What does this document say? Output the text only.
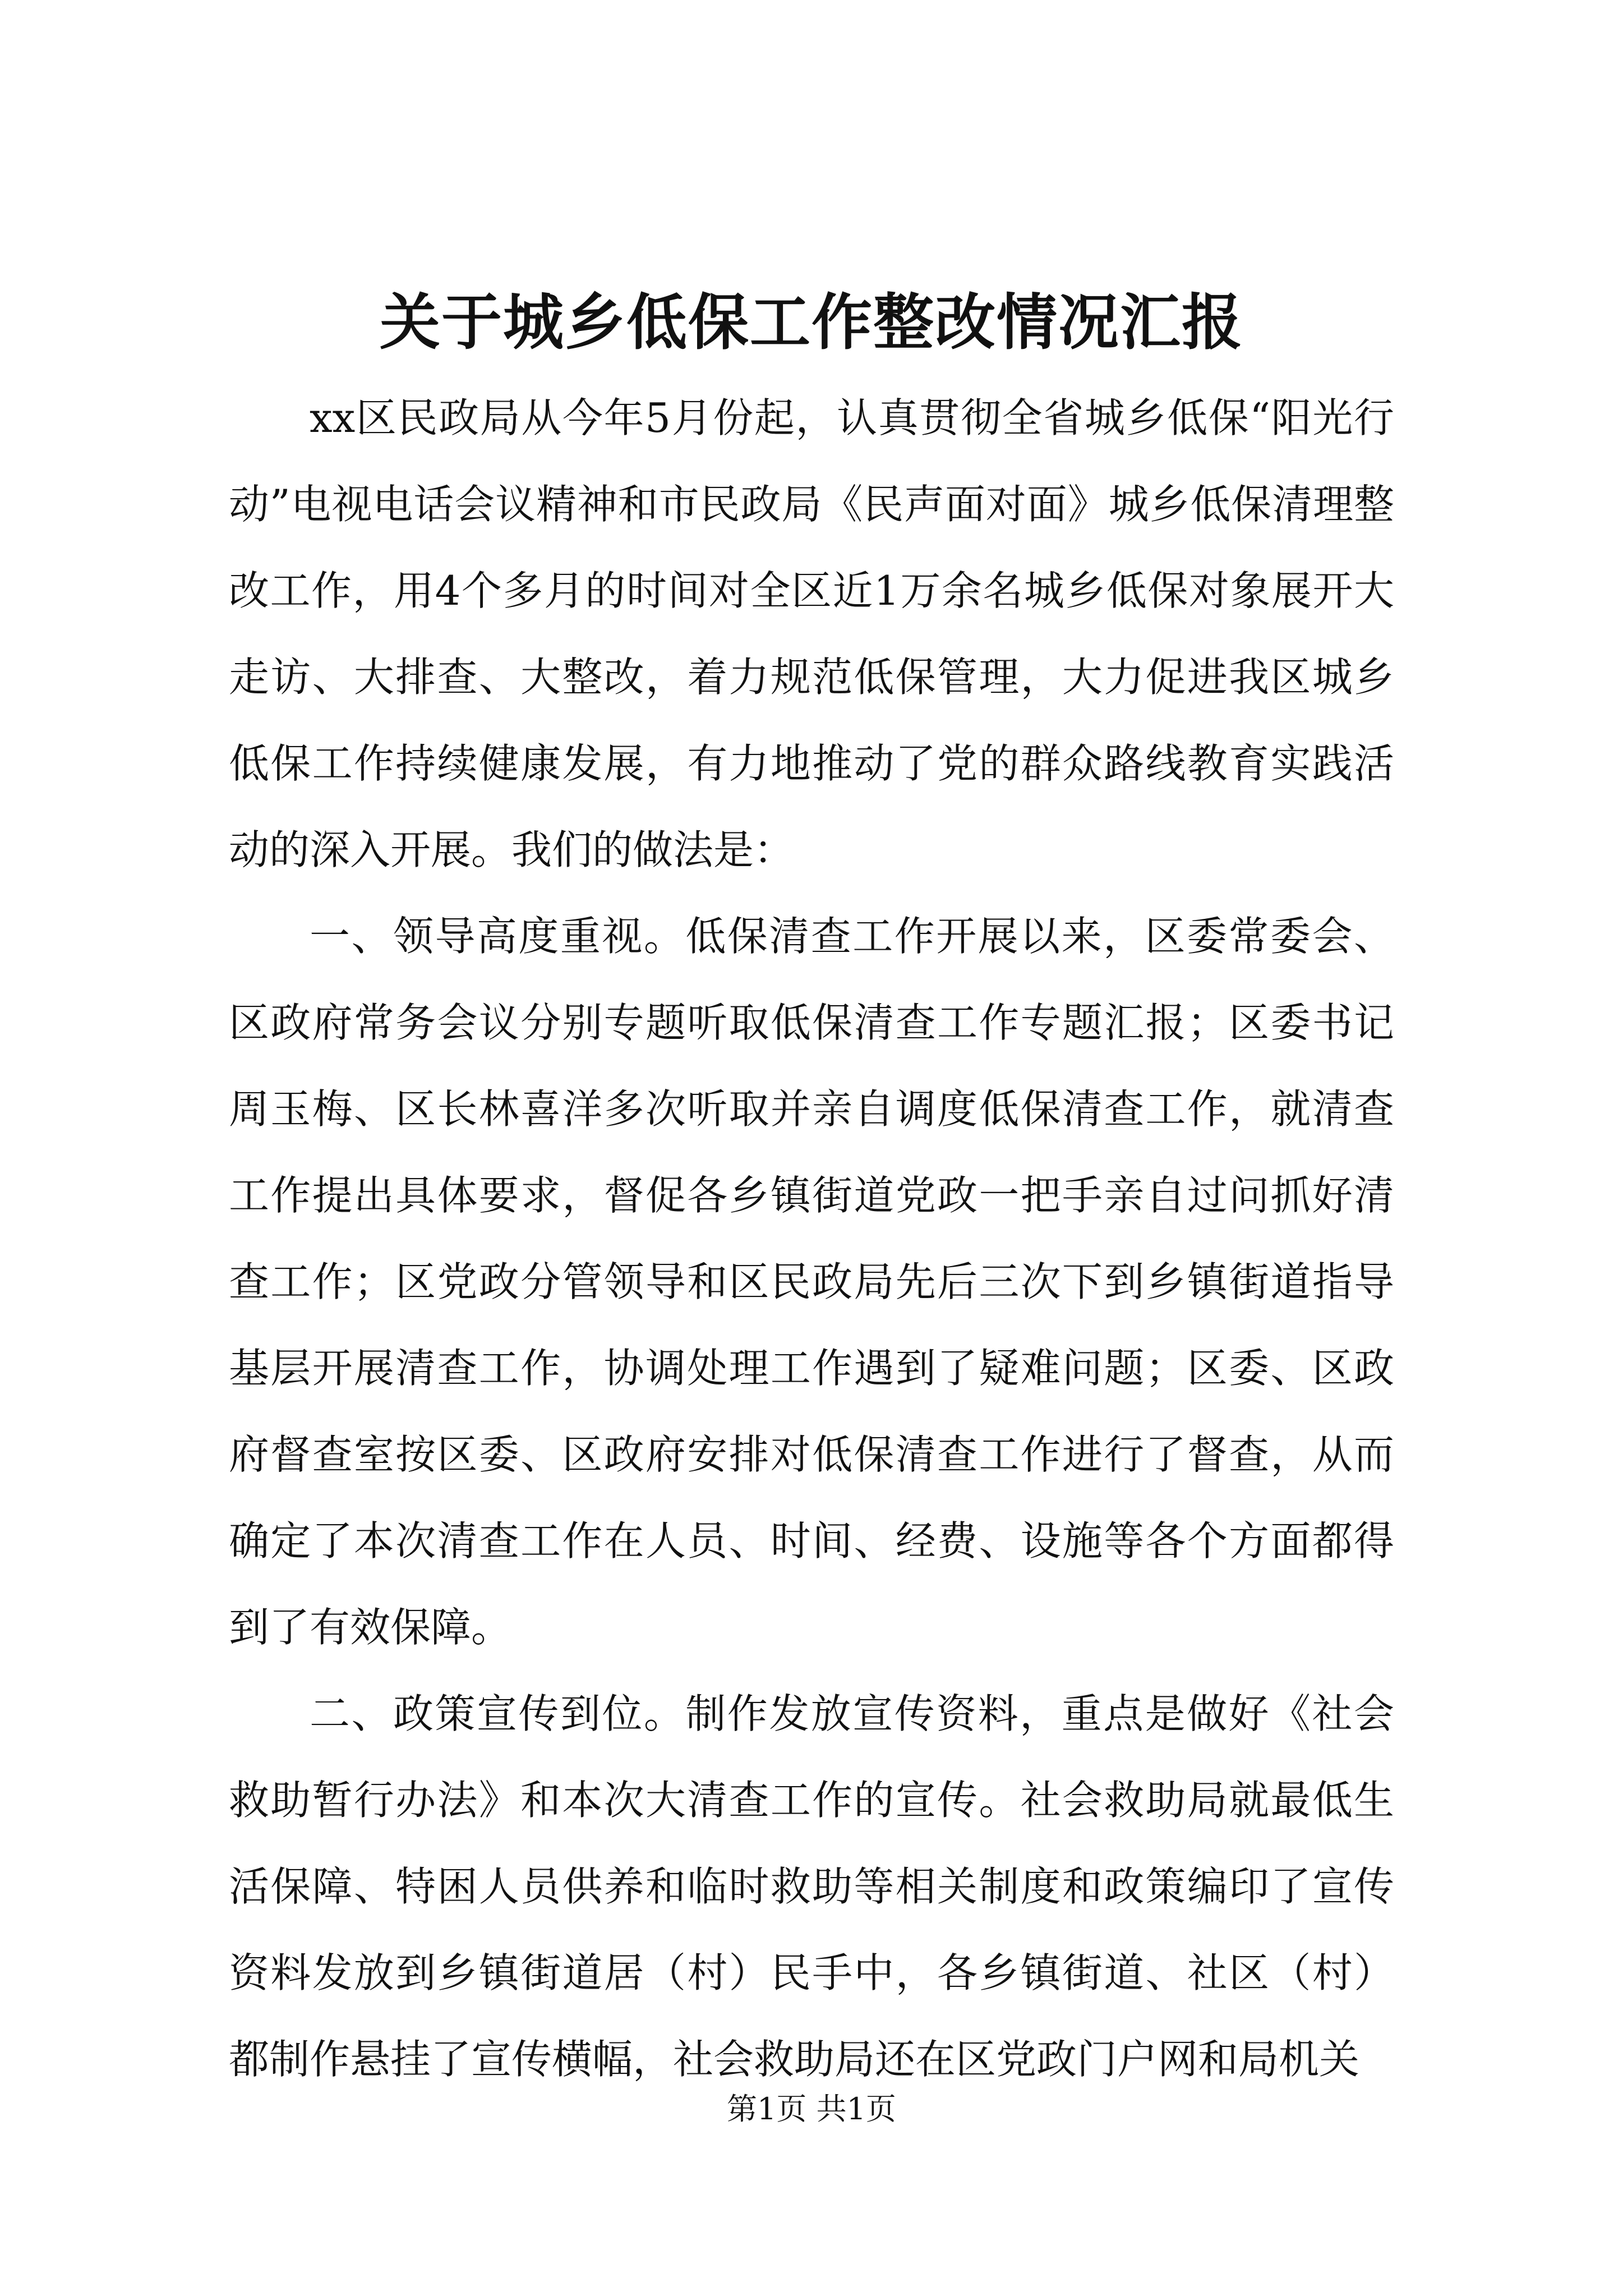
关于城乡低保工作整改情况汇报

xx区民政局从今年5月份起，认真贯彻全省城乡低保“阳光行动”电视电话会议精神和市民政局《民声面对面》城乡低保清理整改工作，用4个多月的时间对全区近1万余名城乡低保对象展开大走访、大排查、大整改，着力规范低保管理，大力促进我区城乡低保工作持续健康发展，有力地推动了党的群众路线教育实践活动的深入开展。我们的做法是：

一、领导高度重视。低保清查工作开展以来，区委常委会、区政府常务会议分别专题听取低保清查工作专题汇报；区委书记周玉梅、区长林喜洋多次听取并亲自调度低保清查工作，就清查工作提出具体要求，督促各乡镇街道党政一把手亲自过问抓好清查工作；区党政分管领导和区民政局先后三次下到乡镇街道指导基层开展清查工作，协调处理工作遇到了疑难问题；区委、区政府督查室按区委、区政府安排对低保清查工作进行了督查，从而确定了本次清查工作在人员、时间、经费、设施等各个方面都得到了有效保障。

二、政策宣传到位。制作发放宣传资料，重点是做好《社会救助暂行办法》和本次大清查工作的宣传。社会救助局就最低生活保障、特困人员供养和临时救助等相关制度和政策编印了宣传资料发放到乡镇街道居（村）民手中，各乡镇街道、社区（村）都制作悬挂了宣传横幅，社会救助局还在区党政门户网和局机关

第1页 共1页
